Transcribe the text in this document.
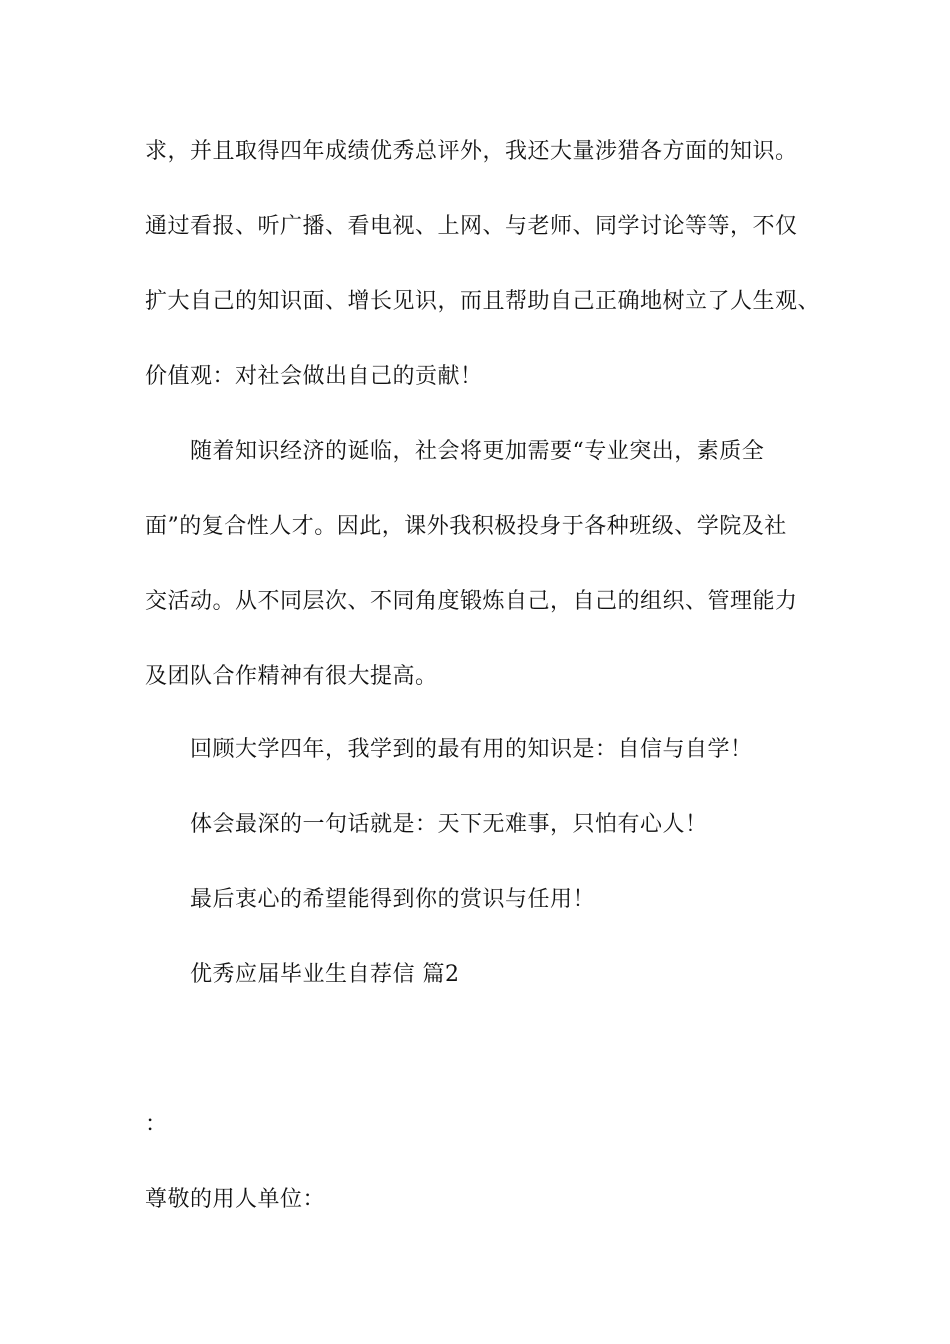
求，并且取得四年成绩优秀总评外，我还大量涉猎各方面的知识。
通过看报、听广播、看电视、上网、与老师、同学讨论等等，不仅
扩大自己的知识面、增长见识，而且帮助自己正确地树立了人生观、
价值观：对社会做出自己的贡献！
随着知识经济的诞临，社会将更加需要“专业突出，素质全
面”的复合性人才。因此，课外我积极投身于各种班级、学院及社
交活动。从不同层次、不同角度锻炼自己，自己的组织、管理能力
及团队合作精神有很大提高。
回顾大学四年，我学到的最有用的知识是：自信与自学！
体会最深的一句话就是：天下无难事，只怕有心人！
最后衷心的希望能得到你的赏识与任用！
优秀应届毕业生自荐信 篇2
：
尊敬的用人单位：
